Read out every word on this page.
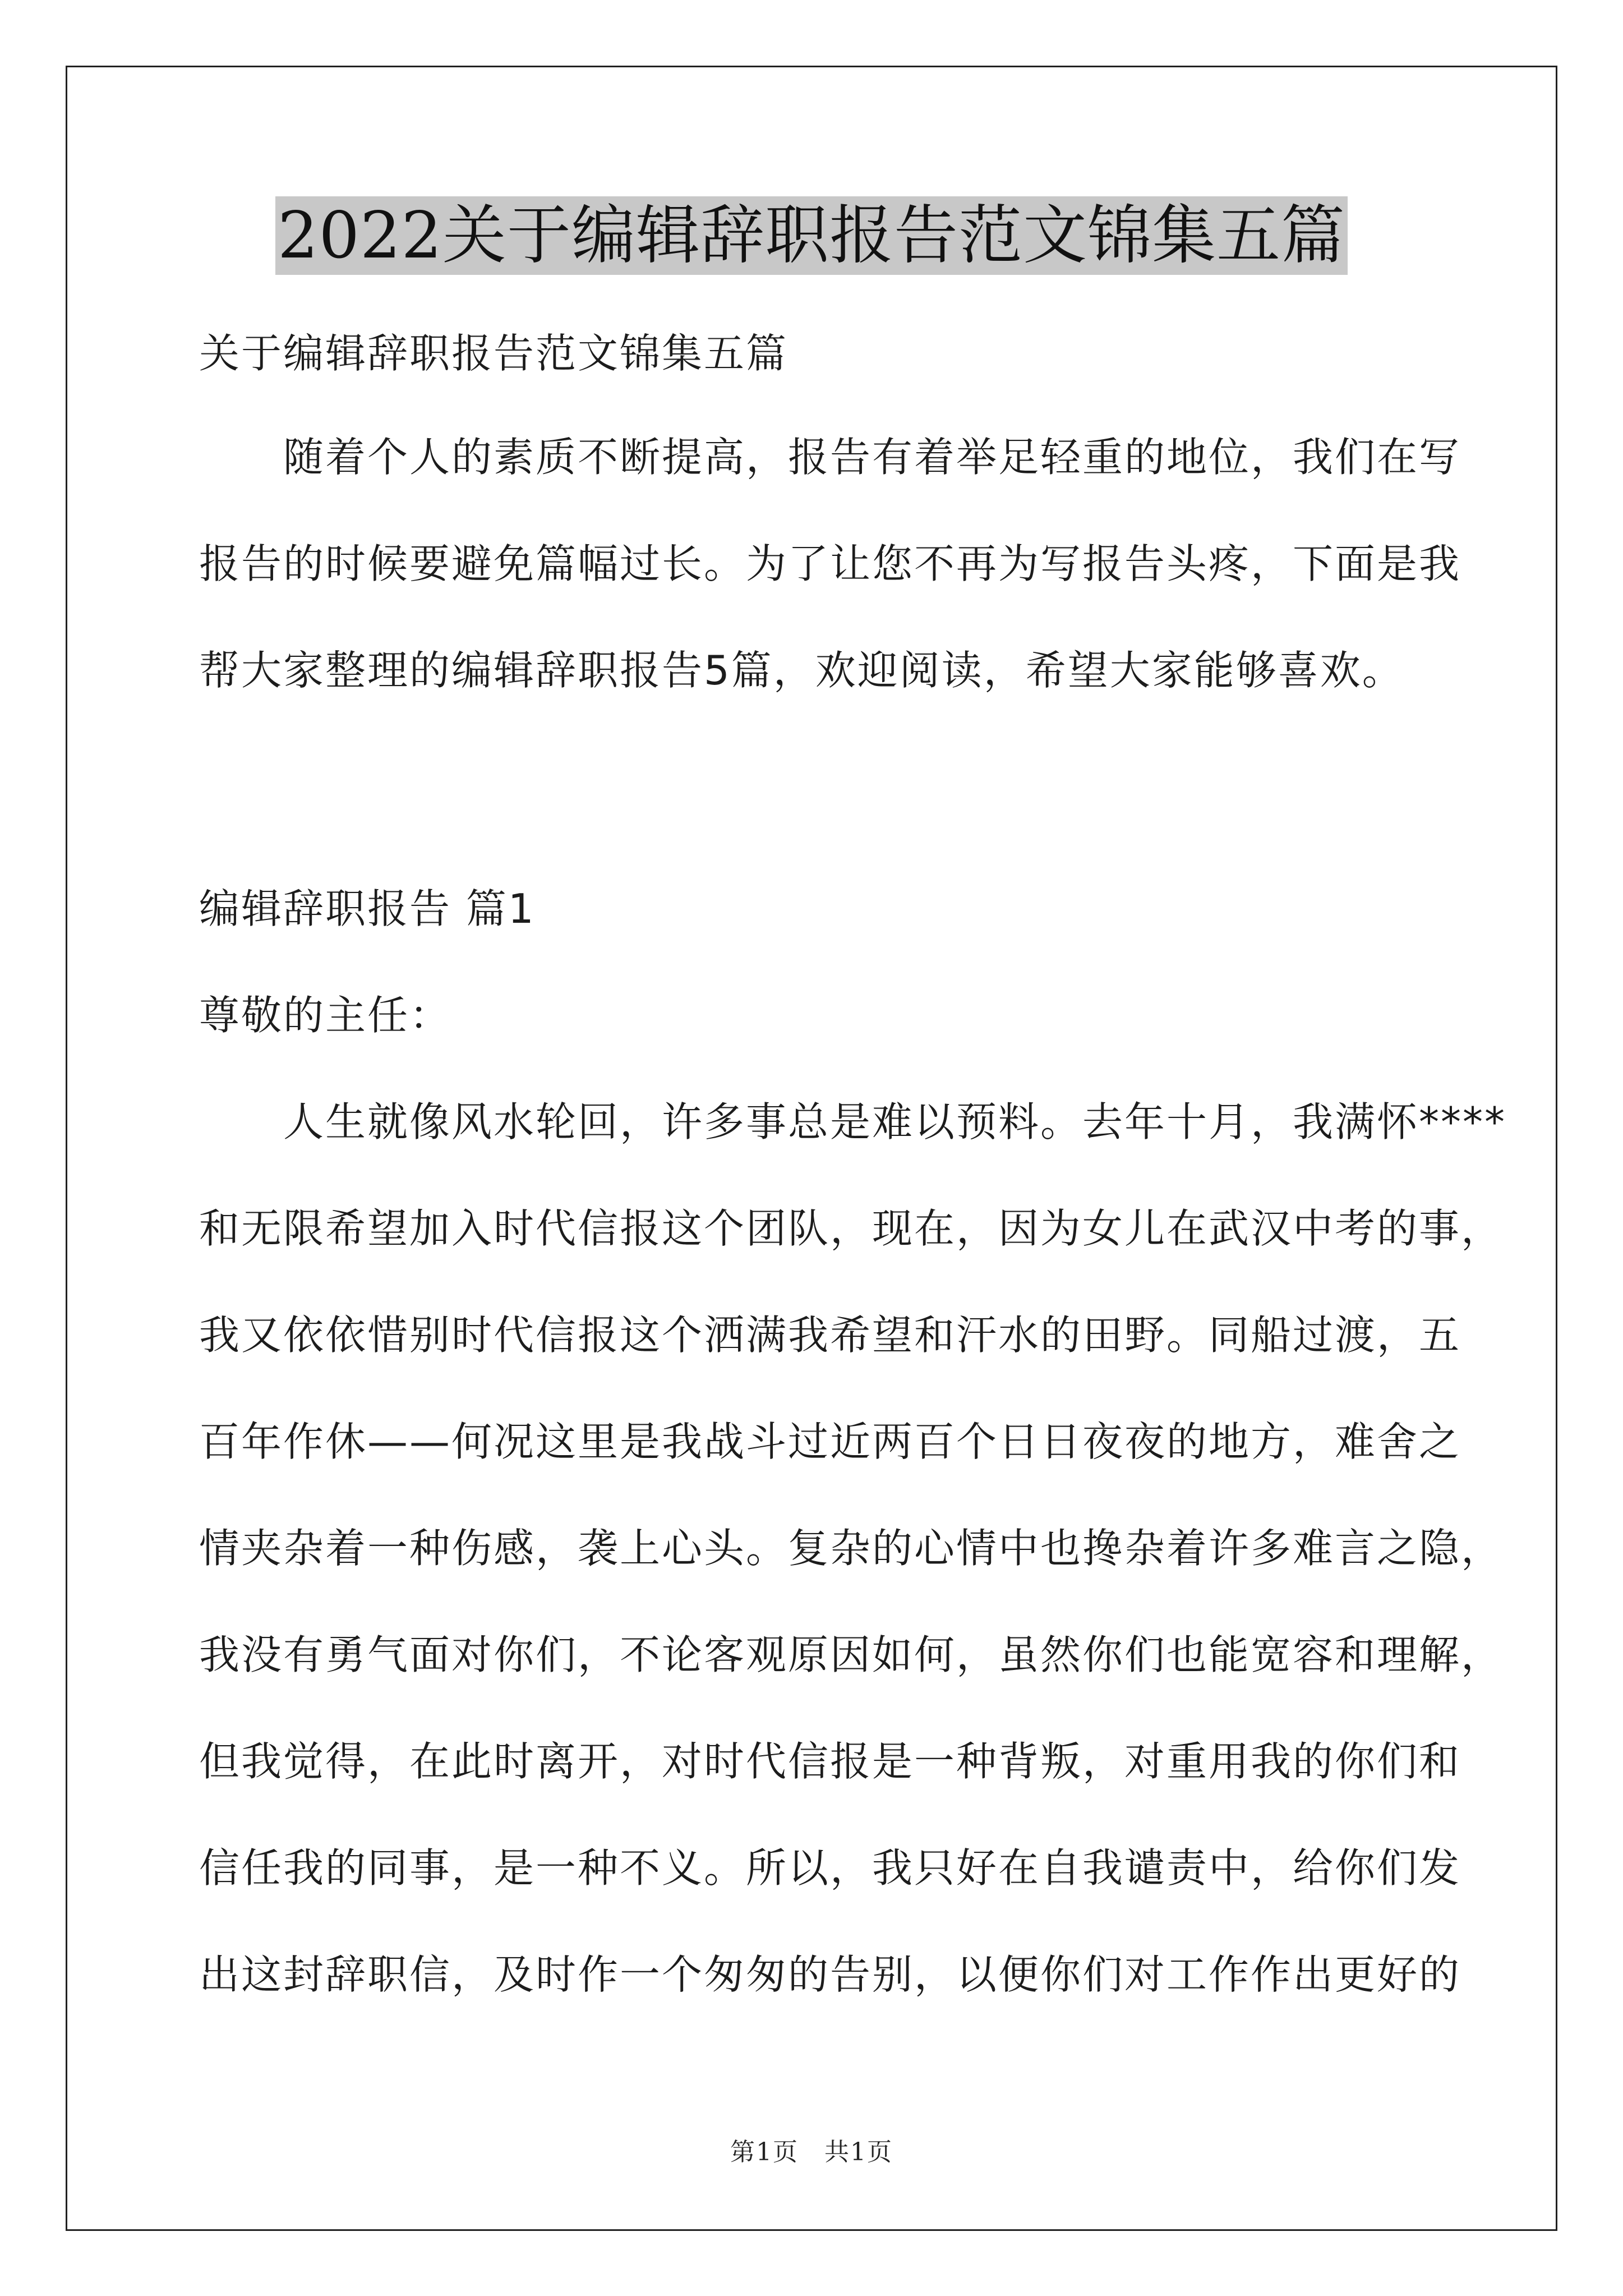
2022关于编辑辞职报告范文锦集五篇
关于编辑辞职报告范文锦集五篇
　　随着个人的素质不断提高，报告有着举足轻重的地位，我们在写
报告的时候要避免篇幅过长。为了让您不再为写报告头疼，下面是我
帮大家整理的编辑辞职报告5篇，欢迎阅读，希望大家能够喜欢。
编辑辞职报告 篇1
尊敬的主任：
　　人生就像风水轮回，许多事总是难以预料。去年十月，我满怀****
和无限希望加入时代信报这个团队，现在，因为女儿在武汉中考的事，
我又依依惜别时代信报这个洒满我希望和汗水的田野。同船过渡，五
百年作休——何况这里是我战斗过近两百个日日夜夜的地方，难舍之
情夹杂着一种伤感，袭上心头。复杂的心情中也搀杂着许多难言之隐，
我没有勇气面对你们，不论客观原因如何，虽然你们也能宽容和理解，
但我觉得，在此时离开，对时代信报是一种背叛，对重用我的你们和
信任我的同事，是一种不义。所以，我只好在自我谴责中，给你们发
出这封辞职信，及时作一个匆匆的告别，以便你们对工作作出更好的
第1页　共1页
